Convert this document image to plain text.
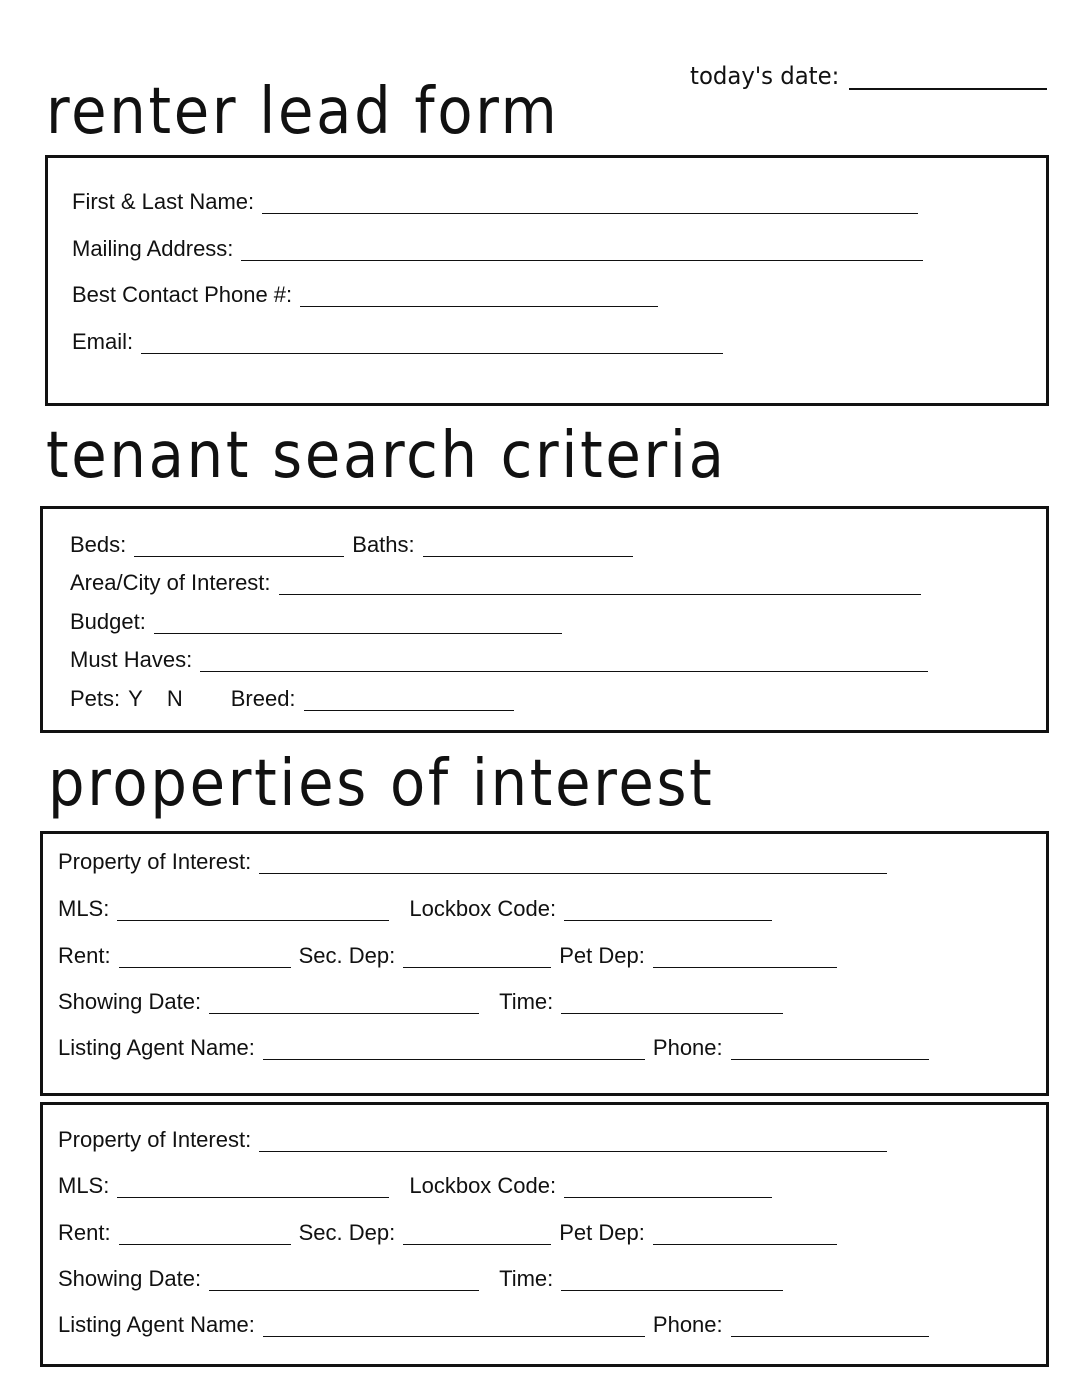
renter lead form	today's date:
First & Last Name:
Mailing Address:
Best Contact Phone #:
Email:
tenant search criteria
Beds:	Baths:
Area/City of Interest:
Budget:
Must Haves:
Pets: Y N Breed:
properties of interest
Property of Interest:
MLS:	Lockbox Code:
Rent:	Sec. Dep:	Pet Dep:
Showing Date:	Time:
Listing Agent Name:	Phone:
Property of Interest:
MLS:	Lockbox Code:
Rent:	Sec. Dep:	Pet Dep:
Showing Date:	Time:
Listing Agent Name:	Phone:
